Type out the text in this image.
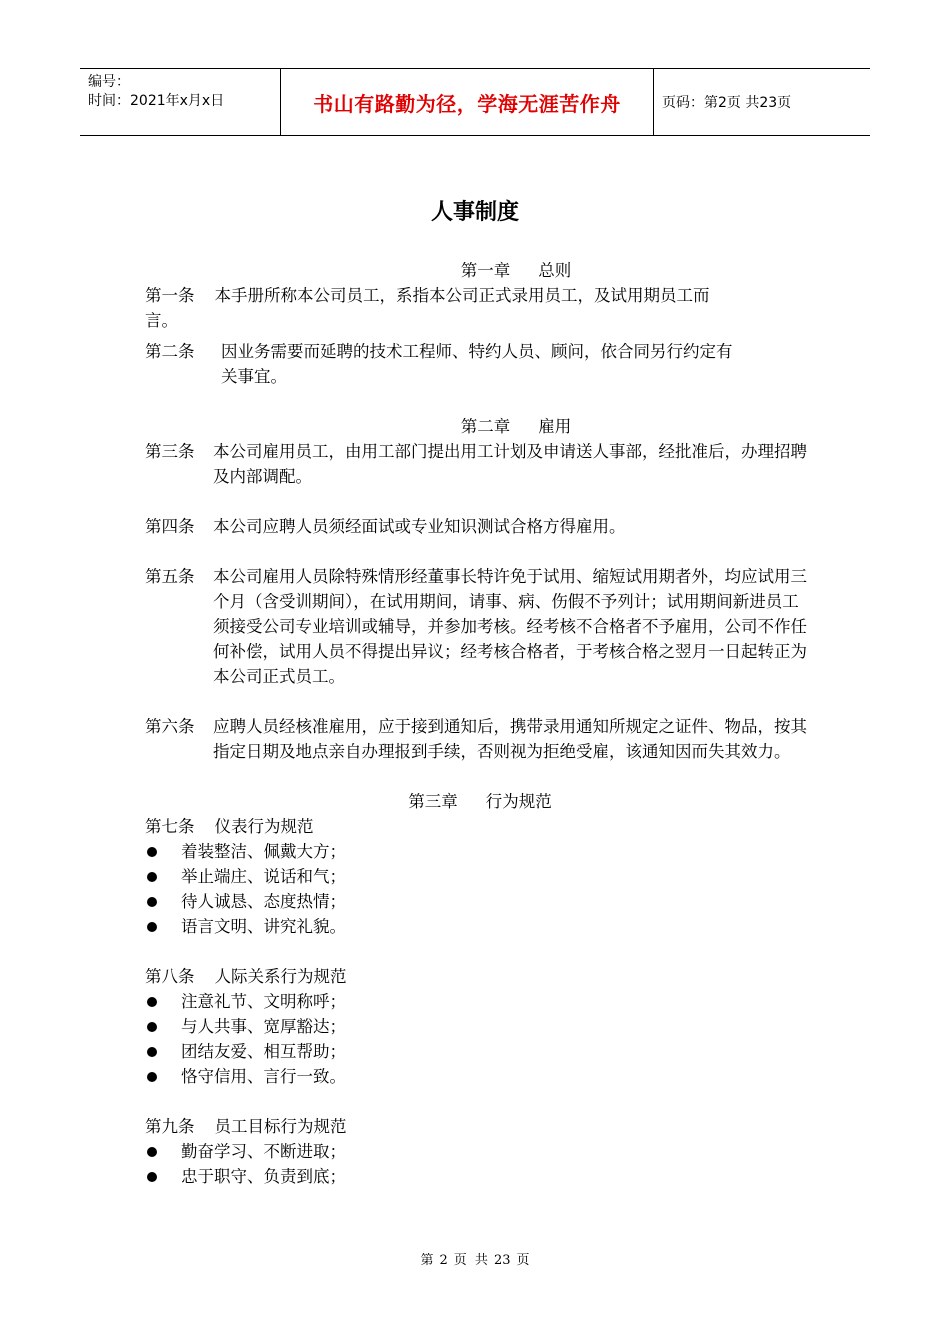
编号：
时间：2021年x月x日	书山有路勤为径，学海无涯苦作舟	页码：第2页 共23页
人事制度
第一章 总则
第一条 本手册所称本公司员工，系指本公司正式录用员工，及试用期员工而
言。
第二条	因业务需要而延聘的技术工程师、特约人员、顾问，依合同另行约定有
关事宜。
第二章 雇用
第三条	本公司雇用员工，由用工部门提出用工计划及申请送人事部，经批准后，办理招聘及内部调配。
第四条	本公司应聘人员须经面试或专业知识测试合格方得雇用。
第五条	本公司雇用人员除特殊情形经董事长特许免于试用、缩短试用期者外，均应试用三个月（含受训期间），在试用期间，请事、病、伤假不予列计；试用期间新进员工须接受公司专业培训或辅导，并参加考核。经考核不合格者不予雇用，公司不作任何补偿，试用人员不得提出异议；经考核合格者，于考核合格之翌月一日起转正为本公司正式员工。
第六条	应聘人员经核准雇用，应于接到通知后，携带录用通知所规定之证件、物品，按其指定日期及地点亲自办理报到手续，否则视为拒绝受雇，该通知因而失其效力。
第三章 行为规范
第七条 仪表行为规范
着装整洁、佩戴大方；
举止端庄、说话和气；
待人诚恳、态度热情；
语言文明、讲究礼貌。
第八条 人际关系行为规范
注意礼节、文明称呼；
与人共事、宽厚豁达；
团结友爱、相互帮助；
恪守信用、言行一致。
第九条 员工目标行为规范
勤奋学习、不断进取；
忠于职守、负责到底；
第 2 页 共 23 页
